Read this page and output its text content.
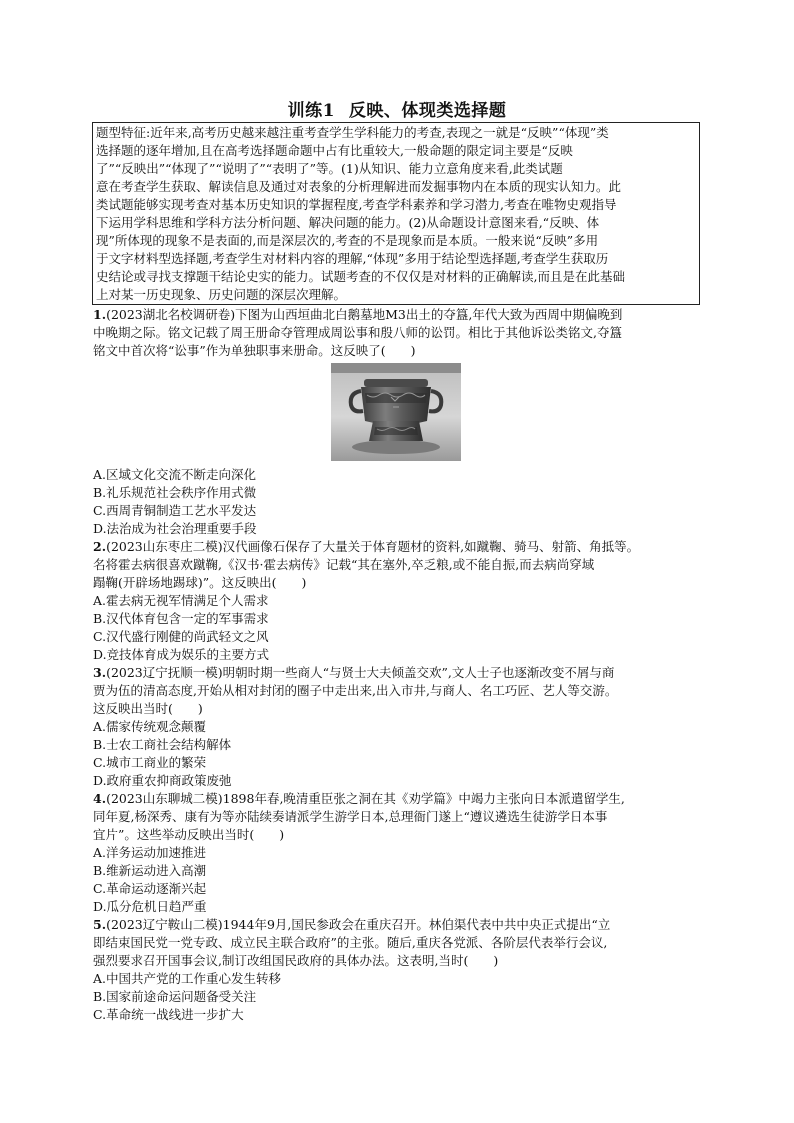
训练1 反映、体现类选择题
题型特征:近年来,高考历史越来越注重考查学生学科能力的考查,表现之一就是“反映”“体现”类
选择题的逐年增加,且在高考选择题命题中占有比重较大,一般命题的限定词主要是“反映
了”“反映出”“体现了”“说明了”“表明了”等。(1)从知识、能力立意角度来看,此类试题
意在考查学生获取、解读信息及通过对表象的分析理解进而发掘事物内在本质的现实认知力。此
类试题能够实现考查对基本历史知识的掌握程度,考查学科素养和学习潜力,考查在唯物史观指导
下运用学科思维和学科方法分析问题、解决问题的能力。(2)从命题设计意图来看,“反映、体
现”所体现的现象不是表面的,而是深层次的,考查的不是现象而是本质。一般来说“反映”多用
于文字材料型选择题,考查学生对材料内容的理解,“体现”多用于结论型选择题,考查学生获取历
史结论或寻找支撑题干结论史实的能力。试题考查的不仅仅是对材料的正确解读,而且是在此基础
上对某一历史现象、历史问题的深层次理解。
1.(2023湖北名校调研卷)下图为山西垣曲北白鹅墓地M3出土的夺簋,年代大致为西周中期偏晚到
中晚期之际。铭文记载了周王册命夺管理成周讼事和殷八师的讼罚。相比于其他诉讼类铭文,夺簋
铭文中首次将“讼事”作为单独职事来册命。这反映了(　　)
A.区域文化交流不断走向深化
B.礼乐规范社会秩序作用式微
C.西周青铜制造工艺水平发达
D.法治成为社会治理重要手段
2.(2023山东枣庄二模)汉代画像石保存了大量关于体育题材的资料,如蹴鞠、骑马、射箭、角抵等。
名将霍去病很喜欢蹴鞠,《汉书·霍去病传》记载“其在塞外,卒乏粮,或不能自振,而去病尚穿域
蹋鞠(开辟场地踢球)”。这反映出(　　)
A.霍去病无视军情满足个人需求
B.汉代体育包含一定的军事需求
C.汉代盛行刚健的尚武轻文之风
D.竞技体育成为娱乐的主要方式
3.(2023辽宁抚顺一模)明朝时期一些商人“与贤士大夫倾盖交欢”,文人士子也逐渐改变不屑与商
贾为伍的清高态度,开始从相对封闭的圈子中走出来,出入市井,与商人、名工巧匠、艺人等交游。
这反映出当时(　　)
A.儒家传统观念颠覆
B.士农工商社会结构解体
C.城市工商业的繁荣
D.政府重农抑商政策废弛
4.(2023山东聊城二模)1898年春,晚清重臣张之洞在其《劝学篇》中竭力主张向日本派遣留学生,
同年夏,杨深秀、康有为等亦陆续奏请派学生游学日本,总理衙门遂上“遵议遴选生徒游学日本事
宜片”。这些举动反映出当时(　　)
A.洋务运动加速推进
B.维新运动进入高潮
C.革命运动逐渐兴起
D.瓜分危机日趋严重
5.(2023辽宁鞍山二模)1944年9月,国民参政会在重庆召开。林伯渠代表中共中央正式提出“立
即结束国民党一党专政、成立民主联合政府”的主张。随后,重庆各党派、各阶层代表举行会议,
强烈要求召开国事会议,制订改组国民政府的具体办法。这表明,当时(　　)
A.中国共产党的工作重心发生转移
B.国家前途命运问题备受关注
C.革命统一战线进一步扩大
